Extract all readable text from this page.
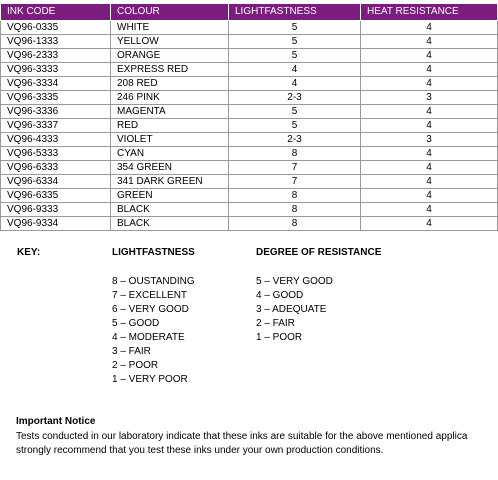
INK CODE	COLOUR	LIGHTFASTNESS	HEAT RESISTANCE
VQ96-0335	WHITE	5	4
VQ96-1333	YELLOW	5	4
VQ96-2333	ORANGE	5	4
VQ96-3333	EXPRESS RED	4	4
VQ96-3334	208 RED	4	4
VQ96-3335	246 PINK	2-3	3
VQ96-3336	MAGENTA	5	4
VQ96-3337	RED	5	4
VQ96-4333	VIOLET	2-3	3
VQ96-5333	CYAN	8	4
VQ96-6333	354 GREEN	7	4
VQ96-6334	341 DARK GREEN	7	4
VQ96-6335	GREEN	8	4
VQ96-9333	BLACK	8	4
VQ96-9334	BLACK	8	4
KEY:	LIGHTFASTNESS
8 – OUSTANDING
7 – EXCELLENT
6 – VERY GOOD
5 – GOOD
4 – MODERATE
3 – FAIR
2 – POOR
1 – VERY POOR
DEGREE OF RESISTANCE
5 – VERY GOOD
4 – GOOD
3 – ADEQUATE
2 – FAIR
1 – POOR
Important Notice
Tests conducted in our laboratory indicate that these inks are suitable for the above mentioned applica
strongly recommend that you test these inks under your own production conditions.
